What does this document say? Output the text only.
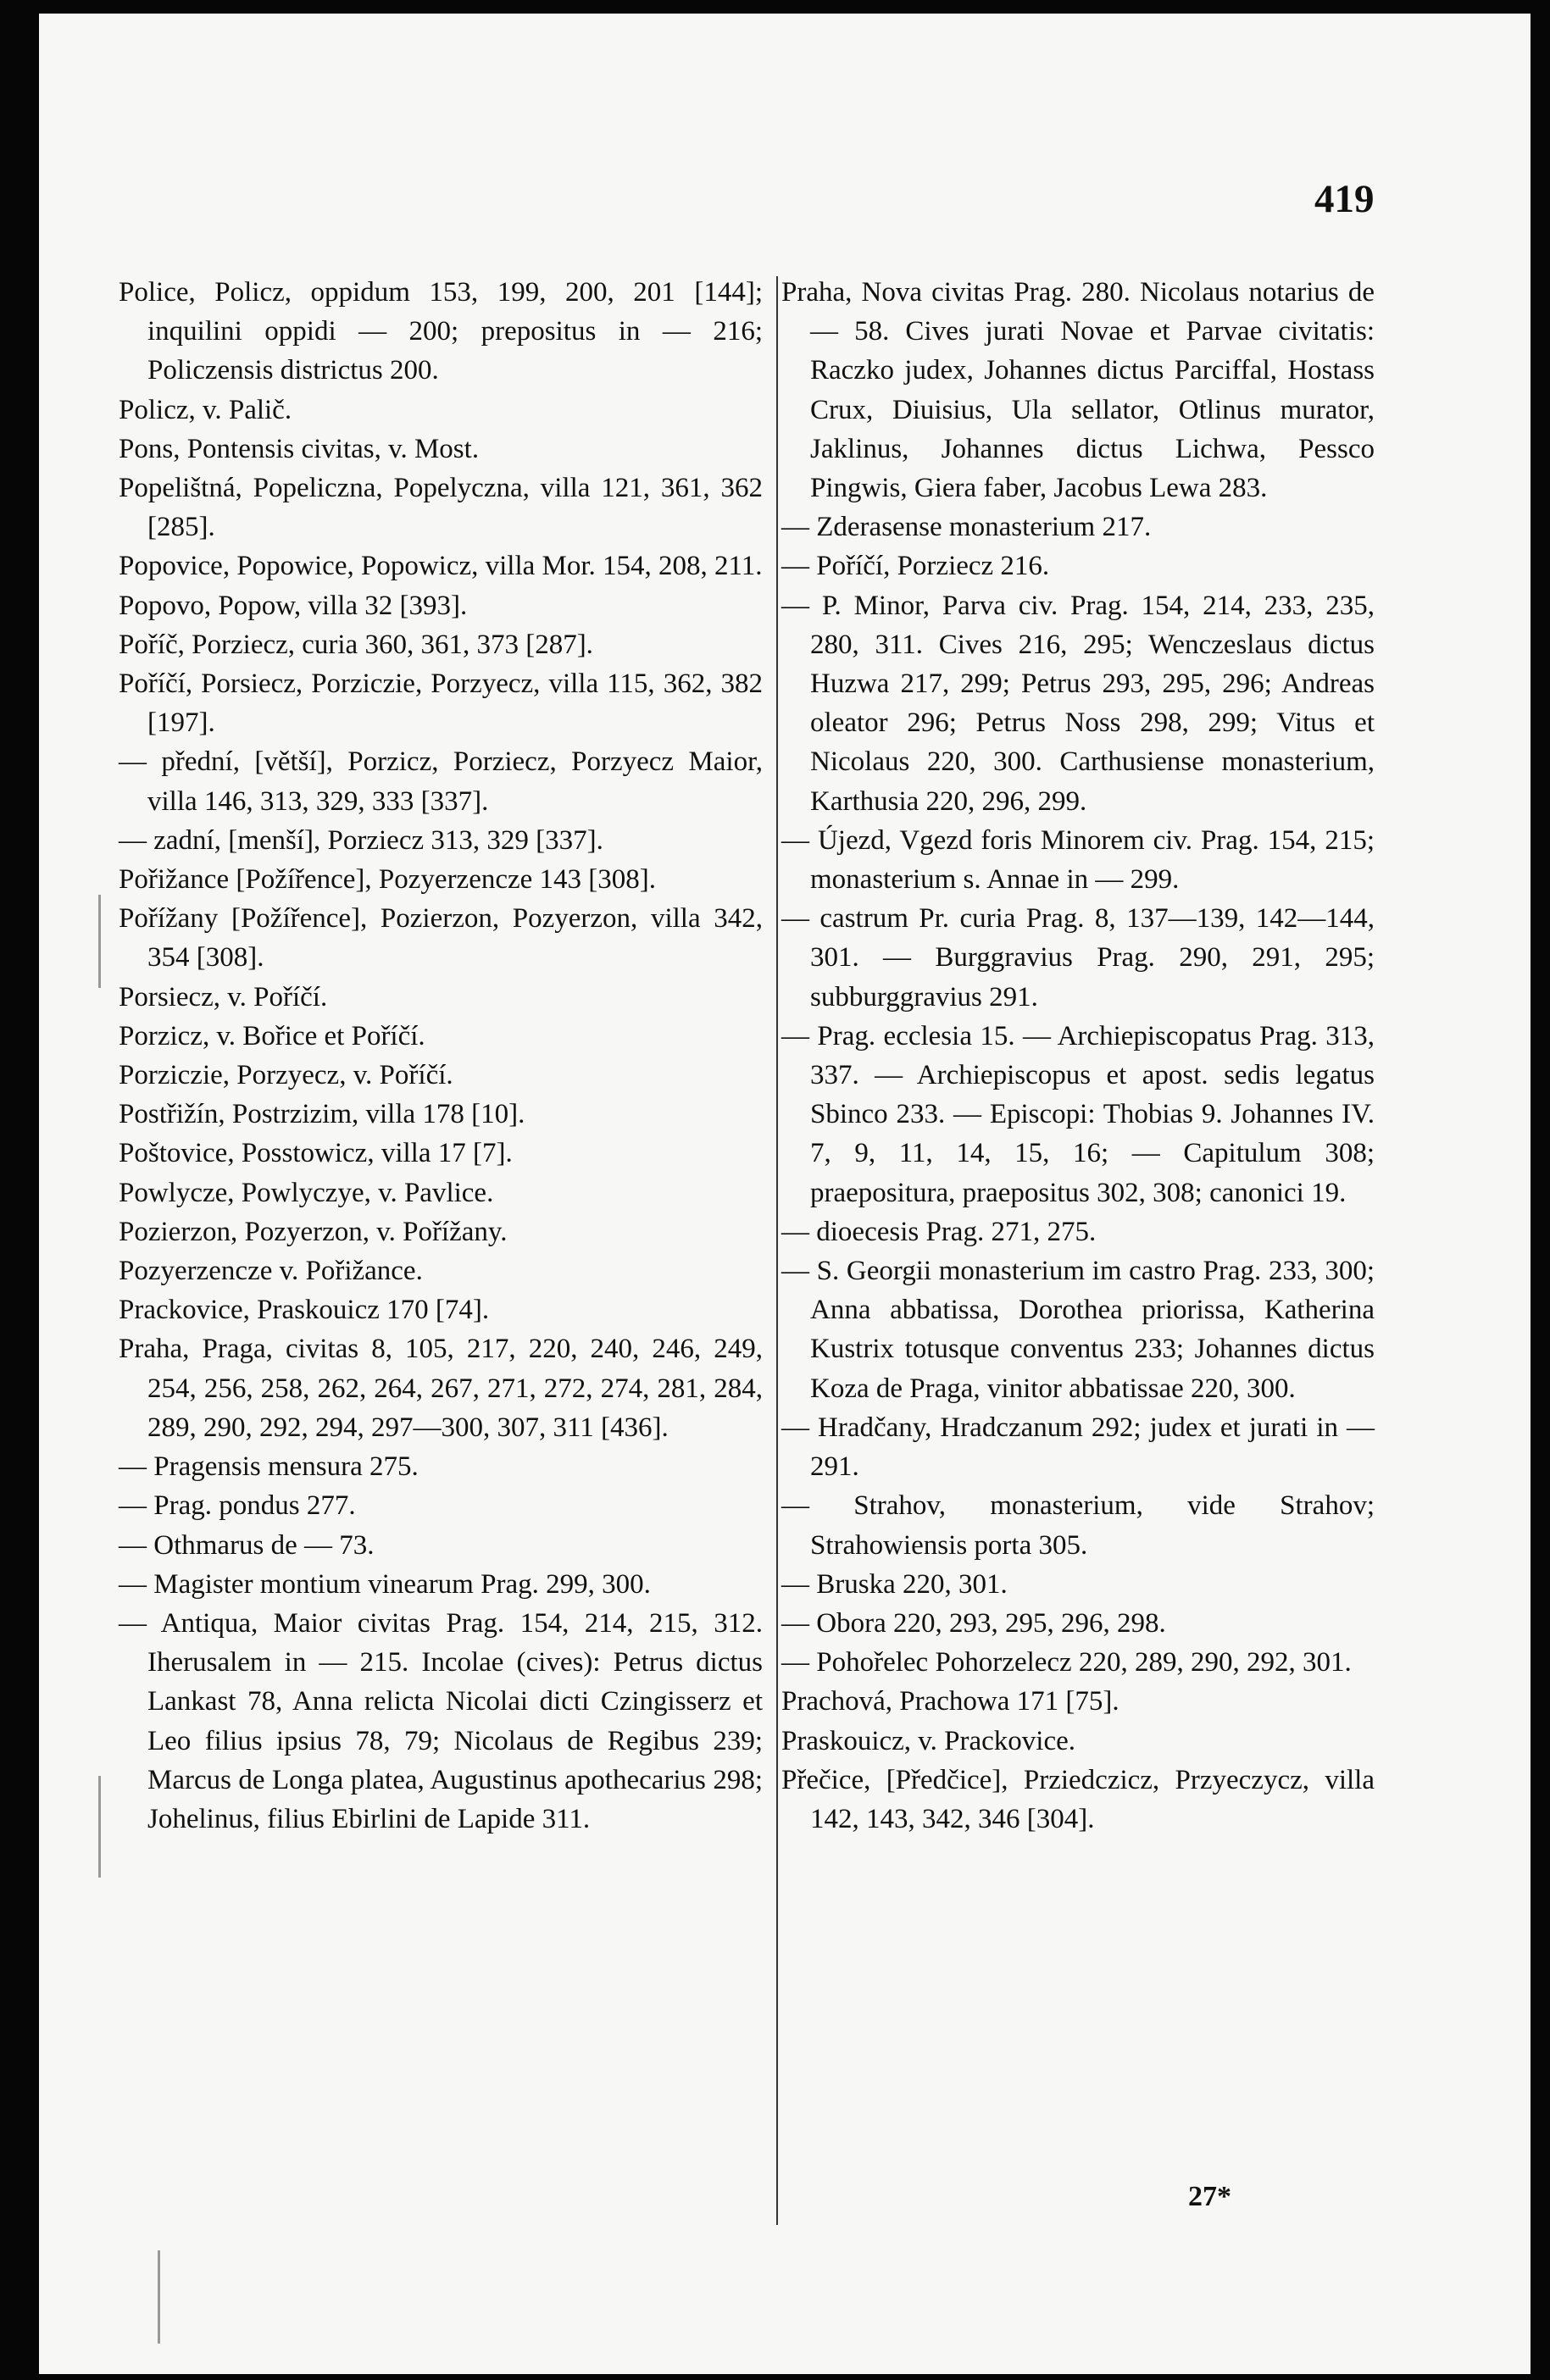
419

Police, Policz, oppidum 153, 199, 200, 201 [144]; inquilini oppidi — 200; prepositus in — 216; Policzensis districtus 200.

Policz, v. Palič.

Pons, Pontensis civitas, v. Most.

Popelištná, Popeliczna, Popelyczna, villa 121, 361, 362 [285].

Popovice, Popowice, Popowicz, villa Mor. 154, 208, 211.

Popovo, Popow, villa 32 [393].

Poříč, Porziecz, curia 360, 361, 373 [287].

Poříčí, Porsiecz, Porziczie, Porzyecz, villa 115, 362, 382 [197].

— přední, [větší], Porzicz, Porziecz, Porzyecz Maior, villa 146, 313, 329, 333 [337].

— zadní, [menší], Porziecz 313, 329 [337].

Pořižance [Požířence], Pozyerzencze 143 [308].

Pořížany [Požířence], Pozierzon, Pozyerzon, villa 342, 354 [308].

Porsiecz, v. Poříčí.

Porzicz, v. Bořice et Poříčí.

Porziczie, Porzyecz, v. Poříčí.

Postřižín, Postrzizim, villa 178 [10].

Poštovice, Posstowicz, villa 17 [7].

Powlycze, Powlyczye, v. Pavlice.

Pozierzon, Pozyerzon, v. Pořížany.

Pozyerzencze v. Pořižance.

Prackovice, Praskouicz 170 [74].

Praha, Praga, civitas 8, 105, 217, 220, 240, 246, 249, 254, 256, 258, 262, 264, 267, 271, 272, 274, 281, 284, 289, 290, 292, 294, 297—300, 307, 311 [436].

— Pragensis mensura 275.

— Prag. pondus 277.

— Othmarus de — 73.

— Magister montium vinearum Prag. 299, 300.

— Antiqua, Maior civitas Prag. 154, 214, 215, 312. Iherusalem in — 215. Incolae (cives): Petrus dictus Lankast 78, Anna relicta Nicolai dicti Czingisserz et Leo filius ipsius 78, 79; Nicolaus de Regibus 239; Marcus de Longa platea, Augustinus apothecarius 298; Johelinus, filius Ebirlini de Lapide 311.

Praha, Nova civitas Prag. 280. Nicolaus notarius de — 58. Cives jurati Novae et Parvae civitatis: Raczko judex, Johannes dictus Parciffal, Hostass Crux, Diuisius, Ula sellator, Otlinus murator, Jaklinus, Johannes dictus Lichwa, Pessco Pingwis, Giera faber, Jacobus Lewa 283.

— Zderasense monasterium 217.

— Poříčí, Porziecz 216.

— P. Minor, Parva civ. Prag. 154, 214, 233, 235, 280, 311. Cives 216, 295; Wenczeslaus dictus Huzwa 217, 299; Petrus 293, 295, 296; Andreas oleator 296; Petrus Noss 298, 299; Vitus et Nicolaus 220, 300. Carthusiense monasterium, Karthusia 220, 296, 299.

— Újezd, Vgezd foris Minorem civ. Prag. 154, 215; monasterium s. Annae in — 299.

— castrum Pr. curia Prag. 8, 137—139, 142—144, 301. — Burggravius Prag. 290, 291, 295; subburggravius 291.

— Prag. ecclesia 15. — Archiepiscopatus Prag. 313, 337. — Archiepiscopus et apost. sedis legatus Sbinco 233. — Episcopi: Thobias 9. Johannes IV. 7, 9, 11, 14, 15, 16; — Capitulum 308; praepositura, praepositus 302, 308; canonici 19.

— dioecesis Prag. 271, 275.

— S. Georgii monasterium im castro Prag. 233, 300; Anna abbatissa, Dorothea priorissa, Katherina Kustrix totusque conventus 233; Johannes dictus Koza de Praga, vinitor abbatissae 220, 300.

— Hradčany, Hradczanum 292; judex et jurati in — 291.

— Strahov, monasterium, vide Strahov; Strahowiensis porta 305.

— Bruska 220, 301.

— Obora 220, 293, 295, 296, 298.

— Pohořelec Pohorzelecz 220, 289, 290, 292, 301.

Prachová, Prachowa 171 [75].

Praskouicz, v. Prackovice.

Přečice, [Předčice], Prziedczicz, Przyeczycz, villa 142, 143, 342, 346 [304].

27*
